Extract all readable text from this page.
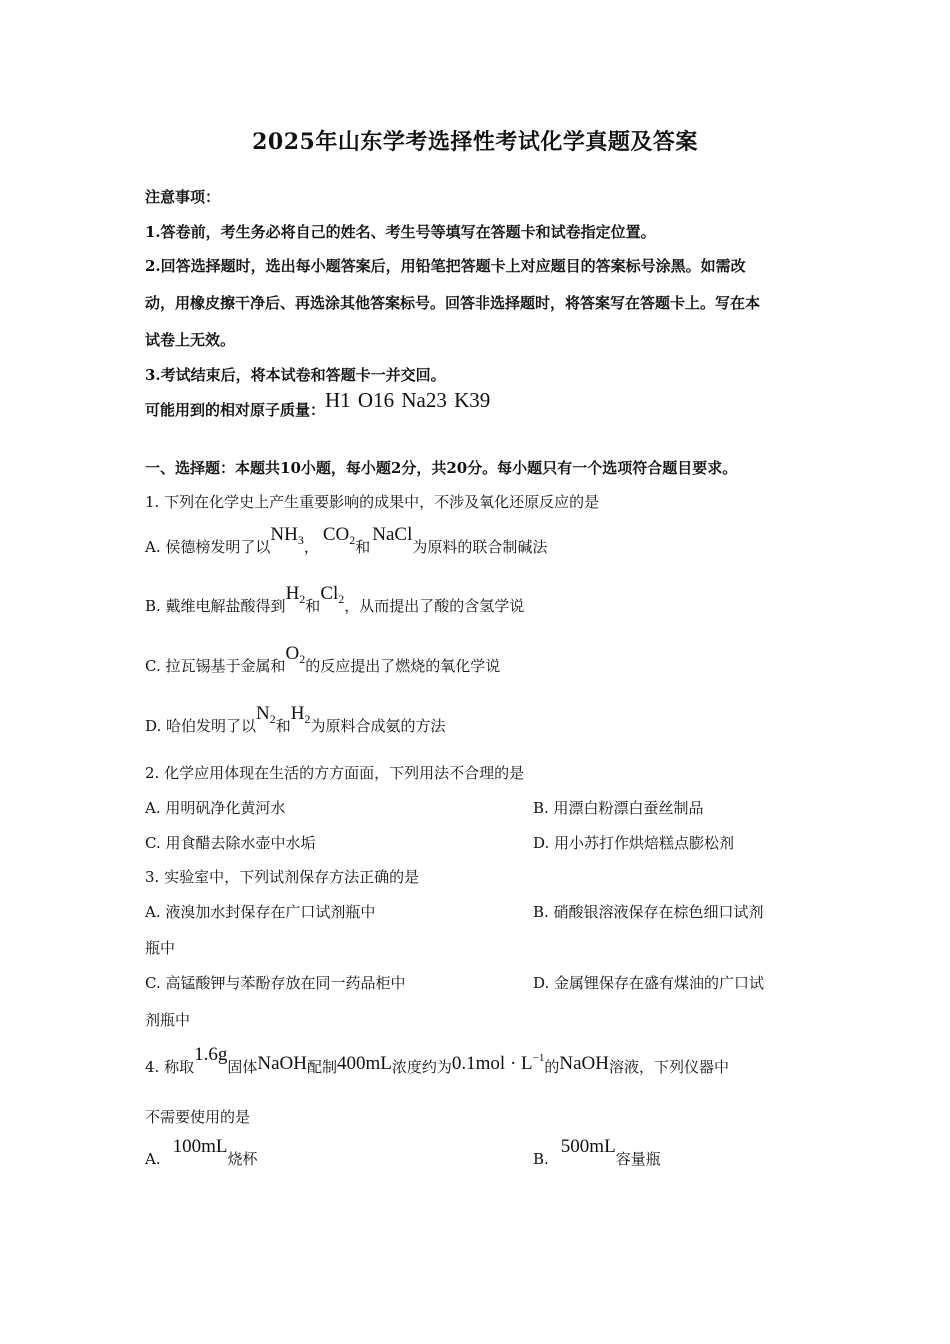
2025年山东学考选择性考试化学真题及答案
注意事项：
1.答卷前，考生务必将自己的姓名、考生号等填写在答题卡和试卷指定位置。
2.回答选择题时，选出每小题答案后，用铅笔把答题卡上对应题目的答案标号涂黑。如需改
动，用橡皮擦干净后、再选涂其他答案标号。回答非选择题时，将答案写在答题卡上。写在本
试卷上无效。
3.考试结束后，将本试卷和答题卡一并交回。
可能用到的相对原子质量：H1 O16 Na23 K39
一、选择题：本题共10小题，每小题2分，共20分。每小题只有一个选项符合题目要求。
1. 下列在化学史上产生重要影响的成果中，不涉及氧化还原反应的是
A. 侯德榜发明了以$NH_3$，$CO_2$和NaCl为原料的联合制碱法
B. 戴维电解盐酸得到$H_2$和$Cl_2$，从而提出了酸的含氢学说
C. 拉瓦锡基于金属和$O_2$的反应提出了燃烧的氧化学说
D. 哈伯发明了以$N_2$和$H_2$为原料合成氨的方法
2. 化学应用体现在生活的方方面面，下列用法不合理的是
A. 用明矾净化黄河水	B. 用漂白粉漂白蚕丝制品
C. 用食醋去除水壶中水垢	D. 用小苏打作烘焙糕点膨松剂
3. 实验室中，下列试剂保存方法正确的是
A. 液溴加水封保存在广口试剂瓶中	B. 硝酸银溶液保存在棕色细口试剂
瓶中
C. 高锰酸钾与苯酚存放在同一药品柜中	D. 金属锂保存在盛有煤油的广口试
剂瓶中
4. 称取1.6g固体NaOH配制400mL浓度约为$0.1mol \cdot L^{-1}$的NaOH溶液，下列仪器中
不需要使用的是
A.100mL烧杯	B.500mL容量瓶
